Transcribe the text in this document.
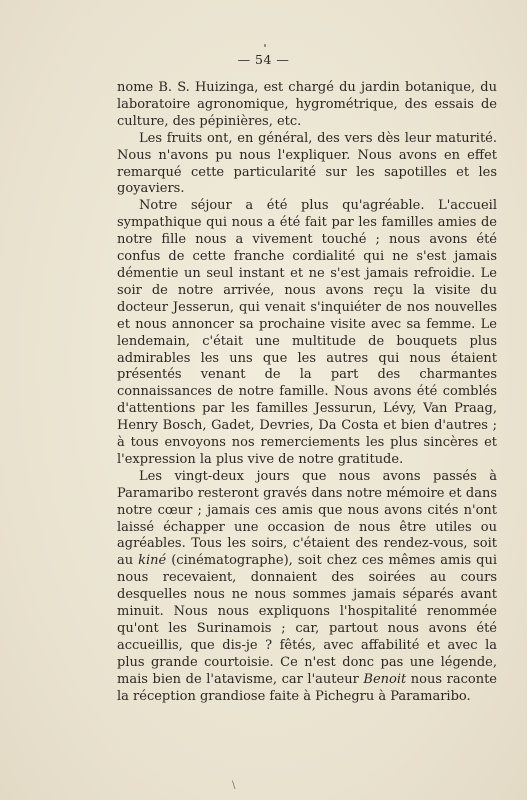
— 54 —

nome B. S. Huizinga, est chargé du jardin botanique, du laboratoire agronomique, hygrométrique, des essais de culture, des pépinières, etc.

Les fruits ont, en général, des vers dès leur maturité. Nous n'avons pu nous l'expliquer. Nous avons en effet remarqué cette particularité sur les sapotilles et les goyaviers.

Notre séjour a été plus qu'agréable. L'accueil sympathique qui nous a été fait par les familles amies de notre fille nous a vivement touché ; nous avons été confus de cette franche cordialité qui ne s'est jamais démentie un seul instant et ne s'est jamais refroidie. Le soir de notre arrivée, nous avons reçu la visite du docteur Jesserun, qui venait s'inquiéter de nos nouvelles et nous annoncer sa prochaine visite avec sa femme. Le lendemain, c'était une multitude de bouquets plus admirables les uns que les autres qui nous étaient présentés venant de la part des charmantes connaissances de notre famille. Nous avons été comblés d'attentions par les familles Jessurun, Lévy, Van Praag, Henry Bosch, Gadet, Devries, Da Costa et bien d'autres ; à tous envoyons nos remerciements les plus sincères et l'expression la plus vive de notre gratitude.

Les vingt-deux jours que nous avons passés à Paramaribo resteront gravés dans notre mémoire et dans notre cœur ; jamais ces amis que nous avons cités n'ont laissé échapper une occasion de nous être utiles ou agréables. Tous les soirs, c'étaient des rendez-vous, soit au kiné (cinématographe), soit chez ces mêmes amis qui nous recevaient, donnaient des soirées au cours desquelles nous ne nous sommes jamais séparés avant minuit. Nous nous expliquons l'hospitalité renommée qu'ont les Surinamois ; car, partout nous avons été accueillis, que dis-je ? fêtés, avec affabilité et avec la plus grande courtoisie. Ce n'est donc pas une légende, mais bien de l'atavisme, car l'auteur Benoit nous raconte la réception grandiose faite à Pichegru à Paramaribo.

\
